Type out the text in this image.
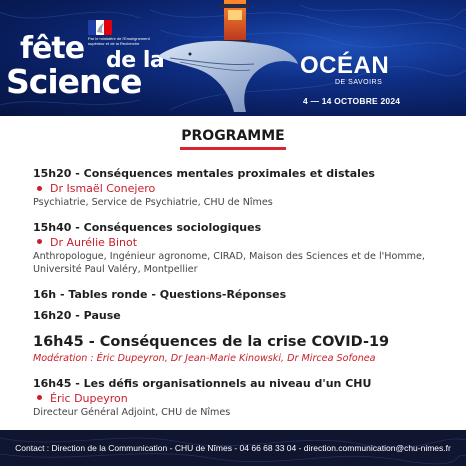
fête de la
Science
Par le ministère de l'Enseignement supérieur et de la Recherche
OCÉAN
DE SAVOIRS
4 — 14 OCTOBRE 2024
PROGRAMME
15h20 - Conséquences mentales proximales et distales
Dr Ismaël Conejero
Psychiatrie, Service de Psychiatrie, CHU de Nîmes
15h40 - Conséquences sociologiques
Dr Aurélie Binot
Anthropologue, Ingénieur agronome, CIRAD, Maison des Sciences et de l'Homme, Université Paul Valéry, Montpellier
16h - Tables ronde - Questions-Réponses
16h20 - Pause
16h45 - Conséquences de la crise COVID-19
Modération : Éric Dupeyron, Dr Jean-Marie Kinowski, Dr Mircea Sofonea
16h45 - Les défis organisationnels au niveau d'un CHU
Éric Dupeyron
Directeur Général Adjoint, CHU de Nîmes
Contact : Direction de la Communication - CHU de Nîmes - 04 66 68 33 04 - direction.communication@chu-nimes.fr
